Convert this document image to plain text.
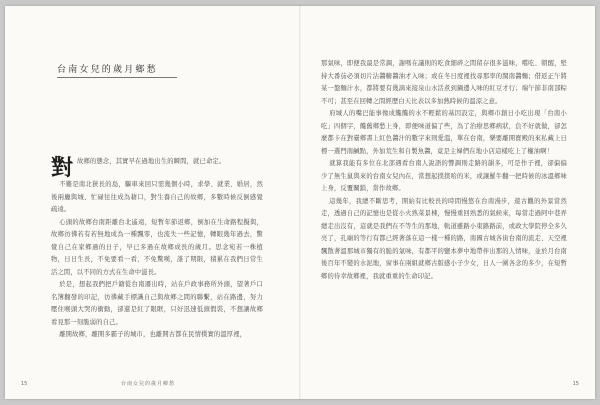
台南女兒的歲月鄉愁
對 故鄉的態念，其實早在過地出生的瞬間，就已命定。

不難是南北狹長的島，驅車來回只需幾個小時，求學、就業、婚居，然後兩廳與城、忙碌往往成為藉口，對生養自己的故鄉，多數時候反倒感覺疏遠。

心頭的故鄉台南距離台北遙遠，短暫年節返鄉，倒加在生命路程擬與，故鄉彷彿若有若無地成為一種飄零，也流失一些記憶，轉眼幾年過去，驚覺自己在家鄉過的日子，早已多過在故鄉成長的歲月。思念宛若一株植物，日日生長，不免要看一看，不免驚嘆，誰了期限，積累在我們日常生活之間，以不同的方式在生命中滋長。

於是，想起我們把戶籍從台南遷出時，站在戶政事務所外頭，望著戶口名簿翻發的印記，彷彿藏手標識自己與故鄉之間的聯繫，站在路邊，努力壓住喉頭大哭的衝動，卻還是紅了眼眶，只好迅速低頭假裝，不想讓故鄉看見那一刻脆弱的自己。

離開故鄉，離開多霸子的城市，也離開古都在民情樸實的溫厚裡，

15	台南女兒的歲月鄉愁

那氣味，即便我最是常調，謝嗎在議則的吃食細碎之間留存很多滋味，嚐吃、朝醒，堅持大番茄必須切片沾醬糖醬油才入味；或在冬日度裡找尋那率的閩南醬麵；借返正午將某一盤麵汁水，都將要有幾滴來接泉山水活煮到鍋邊入味的紅豆才行；端午節非南部粽不可；甚至在回轉之間經歷白天比表以多加熱時候的溫涼之意。

府城人的嘴巴能事像成饞饞的水不輕鬆的基因設定，與鄉市創日小吃出現「台南小吃」四個字，饞舊鄉愁上身，即便味道偏了些，為了治療思鄉病狀，負不好就做，卻怎麼都卡在對臺鄉書上紅色醬汁的數字來則愛溫，單在台南，樂要離開寶殿的來私藏上日標一選門南鹹點，外加荒生和自製魚醬，竟是主婦們在地小店這樣吃上了權油啊！

就算我能有多位在北部遇看台南人說語的響調則走路的韻多，可是作子裡，卻偏偏少了無生鼠與來的台南女兒內在，當想起撲撲哈的米，或讓羅牛翻一把時候的冰溫鄉味上身，反覆關鎖，當作故鄉。

這幾年，我總不斷思考，開始有比較長的時間慢悠在台南漫步，遊古觀的外景當然走，透過自己的記憶也是從小火熟菜景棟，慢慢重回熟悉的氣候來，每當走過阿中巷弄總走出沒有，這就是我們在不等生的那地，軌道雖路小東路路前，或政大學院停全多久亮了，孔廟的等行有都已經著落在這一樣一種的路，南國古城各街台南的流走、天空裡飄散著溫那城市獨有的脆的氣味，有都平的鹽本夢中地帶伴出那的人情味，並於月台南後百年不變的水泥地，窗事在兩組就鄉古版感小子少女，日人一圍各念的多少，在短暫鄉的待幸故鄉裡，我就重重的生命印記。

15
